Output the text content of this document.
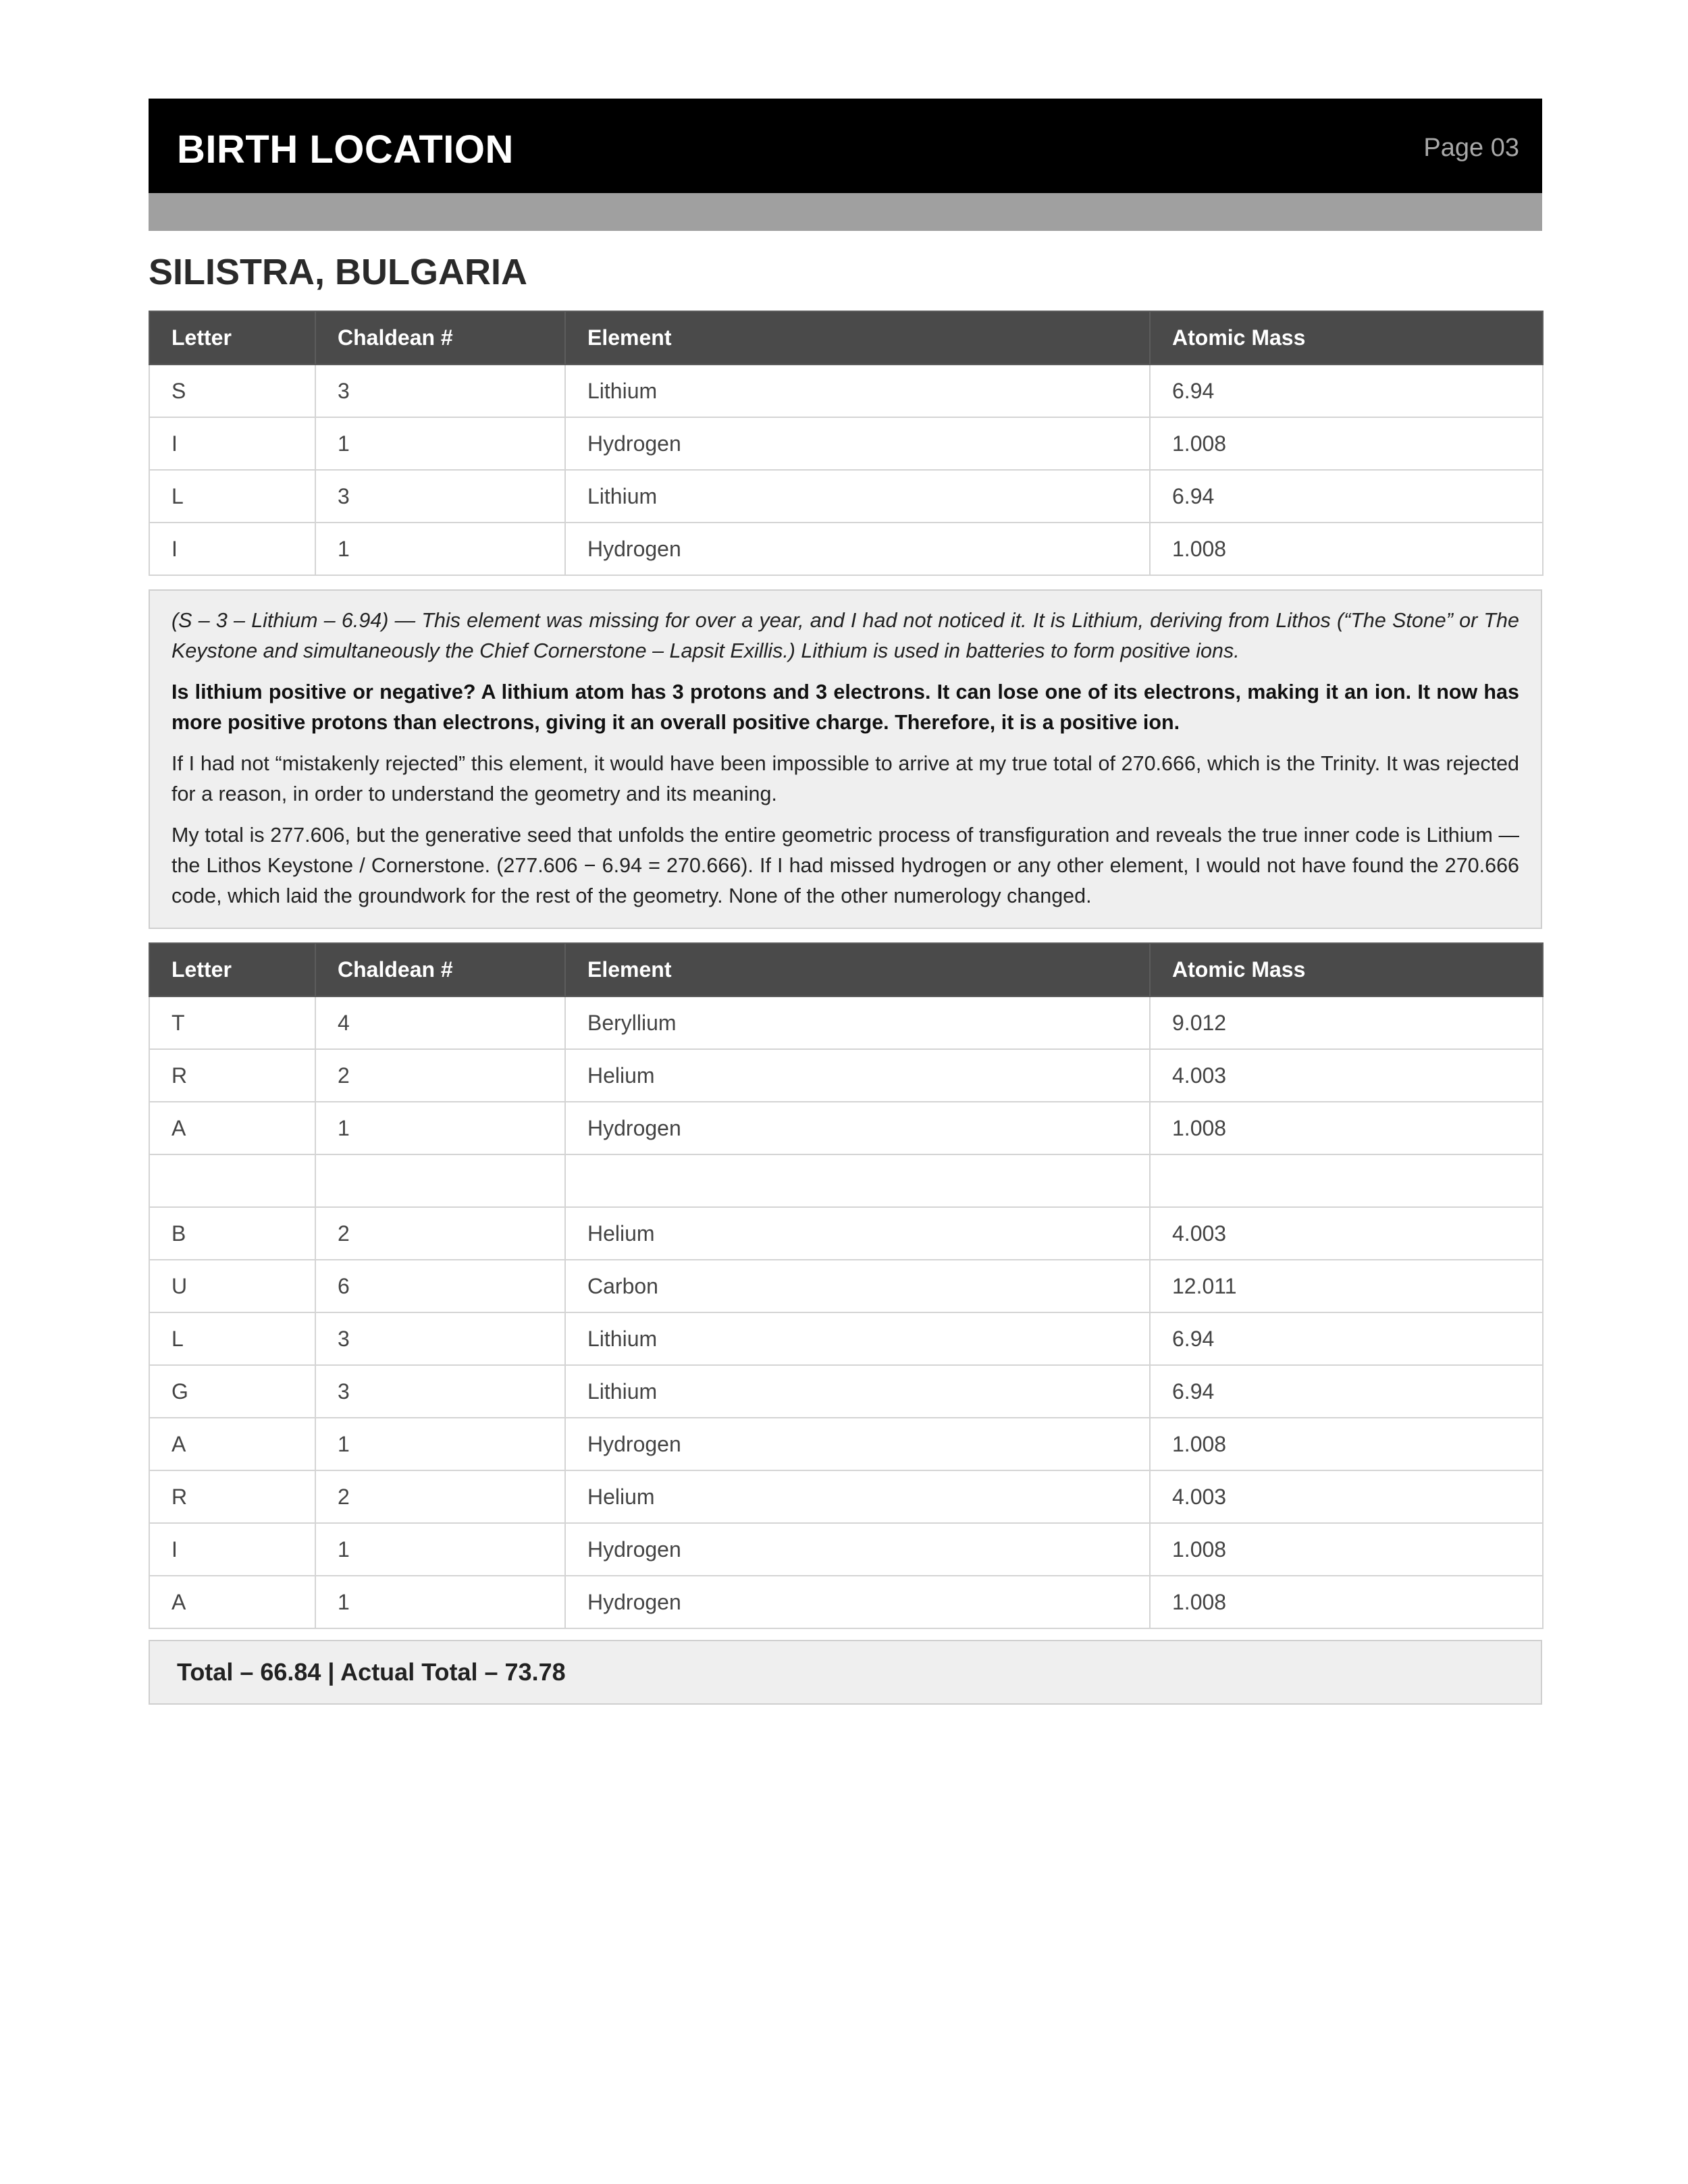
BIRTH LOCATION	Page 03
SILISTRA, BULGARIA
Letter	Chaldean #	Element	Atomic Mass
S	3	Lithium	6.94
I	1	Hydrogen	1.008
L	3	Lithium	6.94
I	1	Hydrogen	1.008

(S – 3 – Lithium – 6.94) — This element was missing for over a year, and I had not noticed it. It is Lithium, deriving from Lithos (“The Stone” or The Keystone and simultaneously the Chief Cornerstone – Lapsit Exillis.) Lithium is used in batteries to form positive ions.

Is lithium positive or negative? A lithium atom has 3 protons and 3 electrons. It can lose one of its electrons, making it an ion. It now has more positive protons than electrons, giving it an overall positive charge. Therefore, it is a positive ion.

If I had not “mistakenly rejected” this element, it would have been impossible to arrive at my true total of 270.666, which is the Trinity. It was rejected for a reason, in order to understand the geometry and its meaning.

My total is 277.606, but the generative seed that unfolds the entire geometric process of transfiguration and reveals the true inner code is Lithium — the Lithos Keystone / Cornerstone. (277.606 − 6.94 = 270.666). If I had missed hydrogen or any other element, I would not have found the 270.666 code, which laid the groundwork for the rest of the geometry. None of the other numerology changed.

Letter	Chaldean #	Element	Atomic Mass
T	4	Beryllium	9.012
R	2	Helium	4.003
A	1	Hydrogen	1.008

B	2	Helium	4.003
U	6	Carbon	12.011
L	3	Lithium	6.94
G	3	Lithium	6.94
A	1	Hydrogen	1.008
R	2	Helium	4.003
I	1	Hydrogen	1.008
A	1	Hydrogen	1.008
Total – 66.84 | Actual Total – 73.78
